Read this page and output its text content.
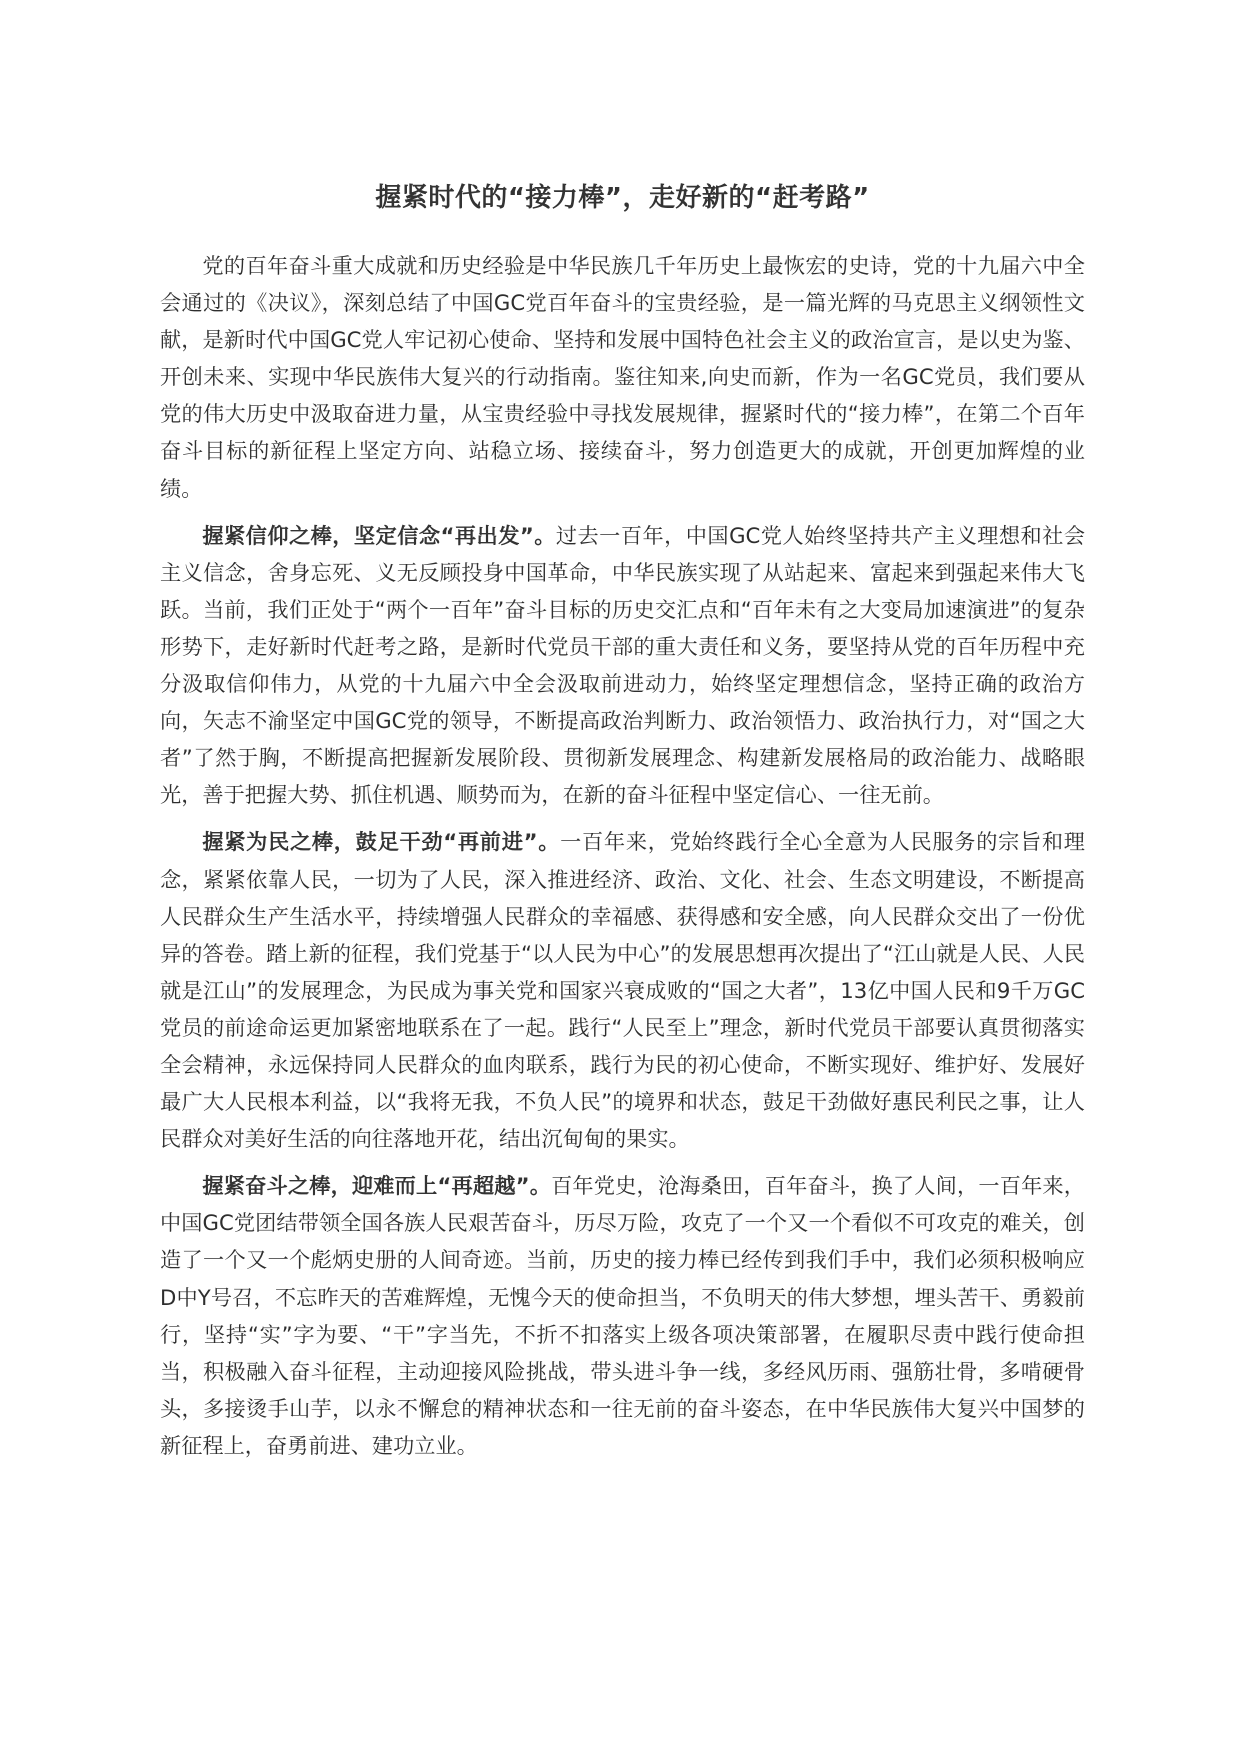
握紧时代的“接力棒”，走好新的“赶考路”

党的百年奋斗重大成就和历史经验是中华民族几千年历史上最恢宏的史诗，党的十九届六中全会通过的《决议》，深刻总结了中国GC党百年奋斗的宝贵经验，是一篇光辉的马克思主义纲领性文献，是新时代中国GC党人牢记初心使命、坚持和发展中国特色社会主义的政治宣言，是以史为鉴、开创未来、实现中华民族伟大复兴的行动指南。鉴往知来,向史而新，作为一名GC党员，我们要从党的伟大历史中汲取奋进力量，从宝贵经验中寻找发展规律，握紧时代的“接力棒”，在第二个百年奋斗目标的新征程上坚定方向、站稳立场、接续奋斗，努力创造更大的成就，开创更加辉煌的业绩。

握紧信仰之棒，坚定信念“再出发”。过去一百年，中国GC党人始终坚持共产主义理想和社会主义信念，舍身忘死、义无反顾投身中国革命，中华民族实现了从站起来、富起来到强起来伟大飞跃。当前，我们正处于“两个一百年”奋斗目标的历史交汇点和“百年未有之大变局加速演进”的复杂形势下，走好新时代赶考之路，是新时代党员干部的重大责任和义务，要坚持从党的百年历程中充分汲取信仰伟力，从党的十九届六中全会汲取前进动力，始终坚定理想信念，坚持正确的政治方向，矢志不渝坚定中国GC党的领导，不断提高政治判断力、政治领悟力、政治执行力，对“国之大者”了然于胸，不断提高把握新发展阶段、贯彻新发展理念、构建新发展格局的政治能力、战略眼光，善于把握大势、抓住机遇、顺势而为，在新的奋斗征程中坚定信心、一往无前。

握紧为民之棒，鼓足干劲“再前进”。一百年来，党始终践行全心全意为人民服务的宗旨和理念，紧紧依靠人民，一切为了人民，深入推进经济、政治、文化、社会、生态文明建设，不断提高人民群众生产生活水平，持续增强人民群众的幸福感、获得感和安全感，向人民群众交出了一份优异的答卷。踏上新的征程，我们党基于“以人民为中心”的发展思想再次提出了“江山就是人民、人民就是江山”的发展理念，为民成为事关党和国家兴衰成败的“国之大者”，13亿中国人民和9千万GC党员的前途命运更加紧密地联系在了一起。践行“人民至上”理念，新时代党员干部要认真贯彻落实全会精神，永远保持同人民群众的血肉联系，践行为民的初心使命，不断实现好、维护好、发展好最广大人民根本利益，以“我将无我，不负人民”的境界和状态，鼓足干劲做好惠民利民之事，让人民群众对美好生活的向往落地开花，结出沉甸甸的果实。

握紧奋斗之棒，迎难而上“再超越”。百年党史，沧海桑田，百年奋斗，换了人间，一百年来，中国GC党团结带领全国各族人民艰苦奋斗，历尽万险，攻克了一个又一个看似不可攻克的难关，创造了一个又一个彪炳史册的人间奇迹。当前，历史的接力棒已经传到我们手中，我们必须积极响应D中Y号召，不忘昨天的苦难辉煌，无愧今天的使命担当，不负明天的伟大梦想，埋头苦干、勇毅前行，坚持“实”字为要、“干”字当先，不折不扣落实上级各项决策部署，在履职尽责中践行使命担当，积极融入奋斗征程，主动迎接风险挑战，带头进斗争一线，多经风历雨、强筋壮骨，多啃硬骨头，多接烫手山芋，以永不懈怠的精神状态和一往无前的奋斗姿态，在中华民族伟大复兴中国梦的新征程上，奋勇前进、建功立业。
